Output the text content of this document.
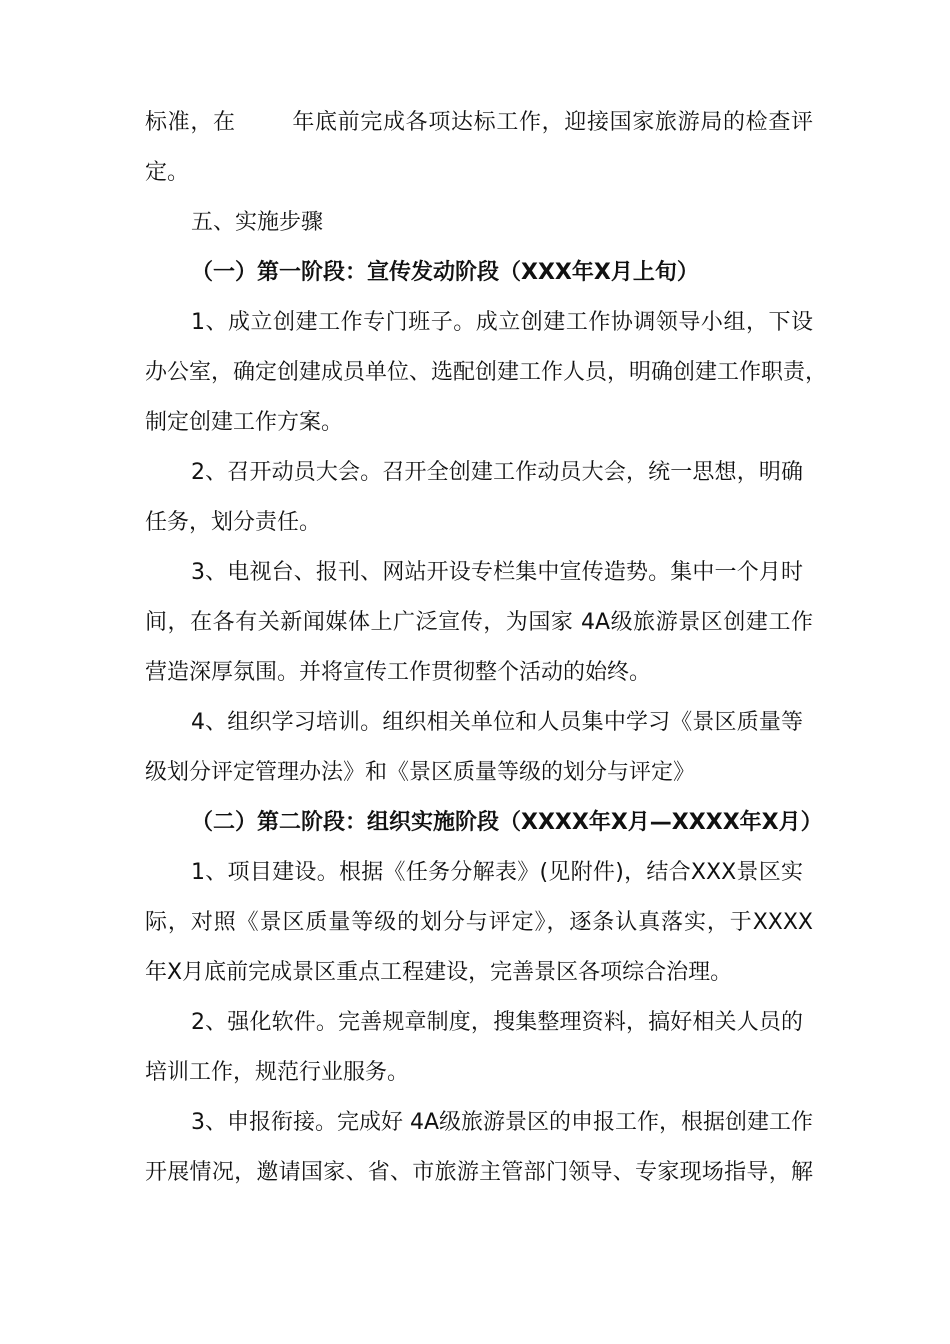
标准，在	年底前完成各项达标工作，迎接国家旅游局的检查评
定。
五、实施步骤
（一）第一阶段：宣传发动阶段（XXX年X月上旬）
1、成立创建工作专门班子。成立创建工作协调领导小组，下设
办公室，确定创建成员单位、选配创建工作人员，明确创建工作职责，
制定创建工作方案。
2、召开动员大会。召开全创建工作动员大会，统一思想，明确
任务，划分责任。
3、电视台、报刊、网站开设专栏集中宣传造势。集中一个月时
间，在各有关新闻媒体上广泛宣传，为国家 4A级旅游景区创建工作
营造深厚氛围。并将宣传工作贯彻整个活动的始终。
4、组织学习培训。组织相关单位和人员集中学习《景区质量等
级划分评定管理办法》和《景区质量等级的划分与评定》
（二）第二阶段：组织实施阶段（XXXX年X月—XXXX年X月）
1、项目建设。根据《任务分解表》(见附件)，结合XXX景区实
际，对照《景区质量等级的划分与评定》，逐条认真落实，于XXXX
年X月底前完成景区重点工程建设，完善景区各项综合治理。
2、强化软件。完善规章制度，搜集整理资料，搞好相关人员的
培训工作，规范行业服务。
3、申报衔接。完成好 4A级旅游景区的申报工作，根据创建工作
开展情况，邀请国家、省、市旅游主管部门领导、专家现场指导，解
